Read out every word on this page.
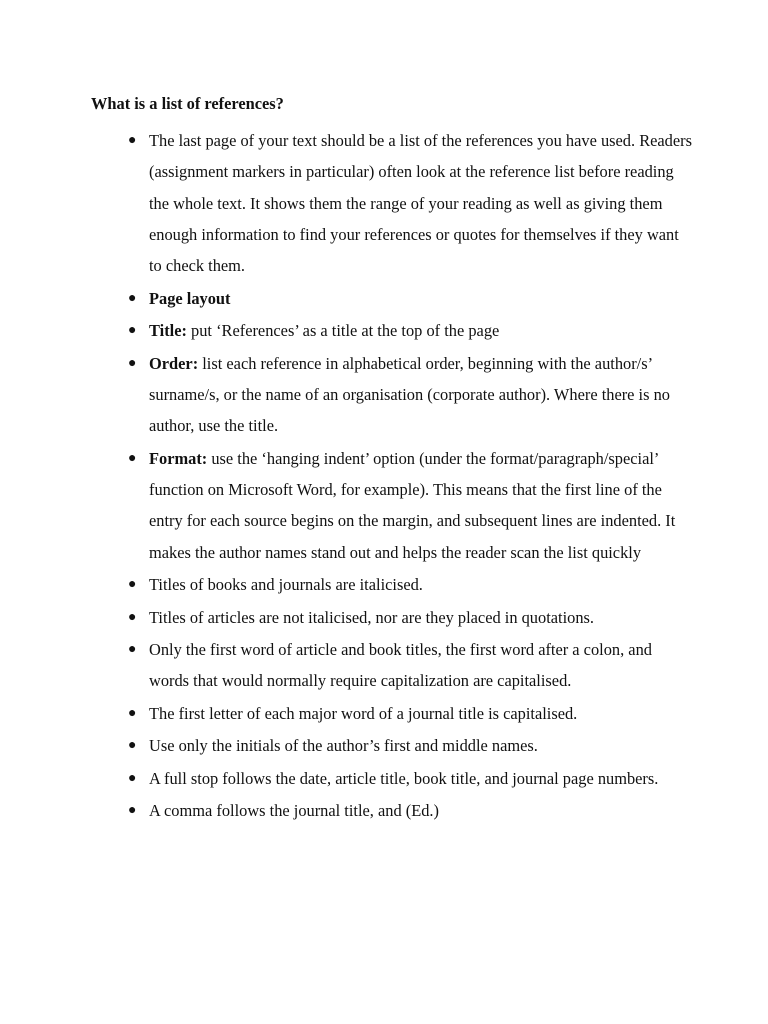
What is a list of references?
● The last page of your text should be a list of the references you have used. Readers (assignment markers in particular) often look at the reference list before reading the whole text. It shows them the range of your reading as well as giving them enough information to find your references or quotes for themselves if they want to check them.
● Page layout
● Title: put ‘References’ as a title at the top of the page
● Order: list each reference in alphabetical order, beginning with the author/s’ surname/s, or the name of an organisation (corporate author). Where there is no author, use the title.
● Format: use the ‘hanging indent’ option (under the format/paragraph/special’ function on Microsoft Word, for example). This means that the first line of the entry for each source begins on the margin, and subsequent lines are indented. It makes the author names stand out and helps the reader scan the list quickly
● Titles of books and journals are italicised.
● Titles of articles are not italicised, nor are they placed in quotations.
● Only the first word of article and book titles, the first word after a colon, and words that would normally require capitalization are capitalised.
● The first letter of each major word of a journal title is capitalised.
● Use only the initials of the author’s first and middle names.
● A full stop follows the date, article title, book title, and journal page numbers.
● A comma follows the journal title, and (Ed.)
